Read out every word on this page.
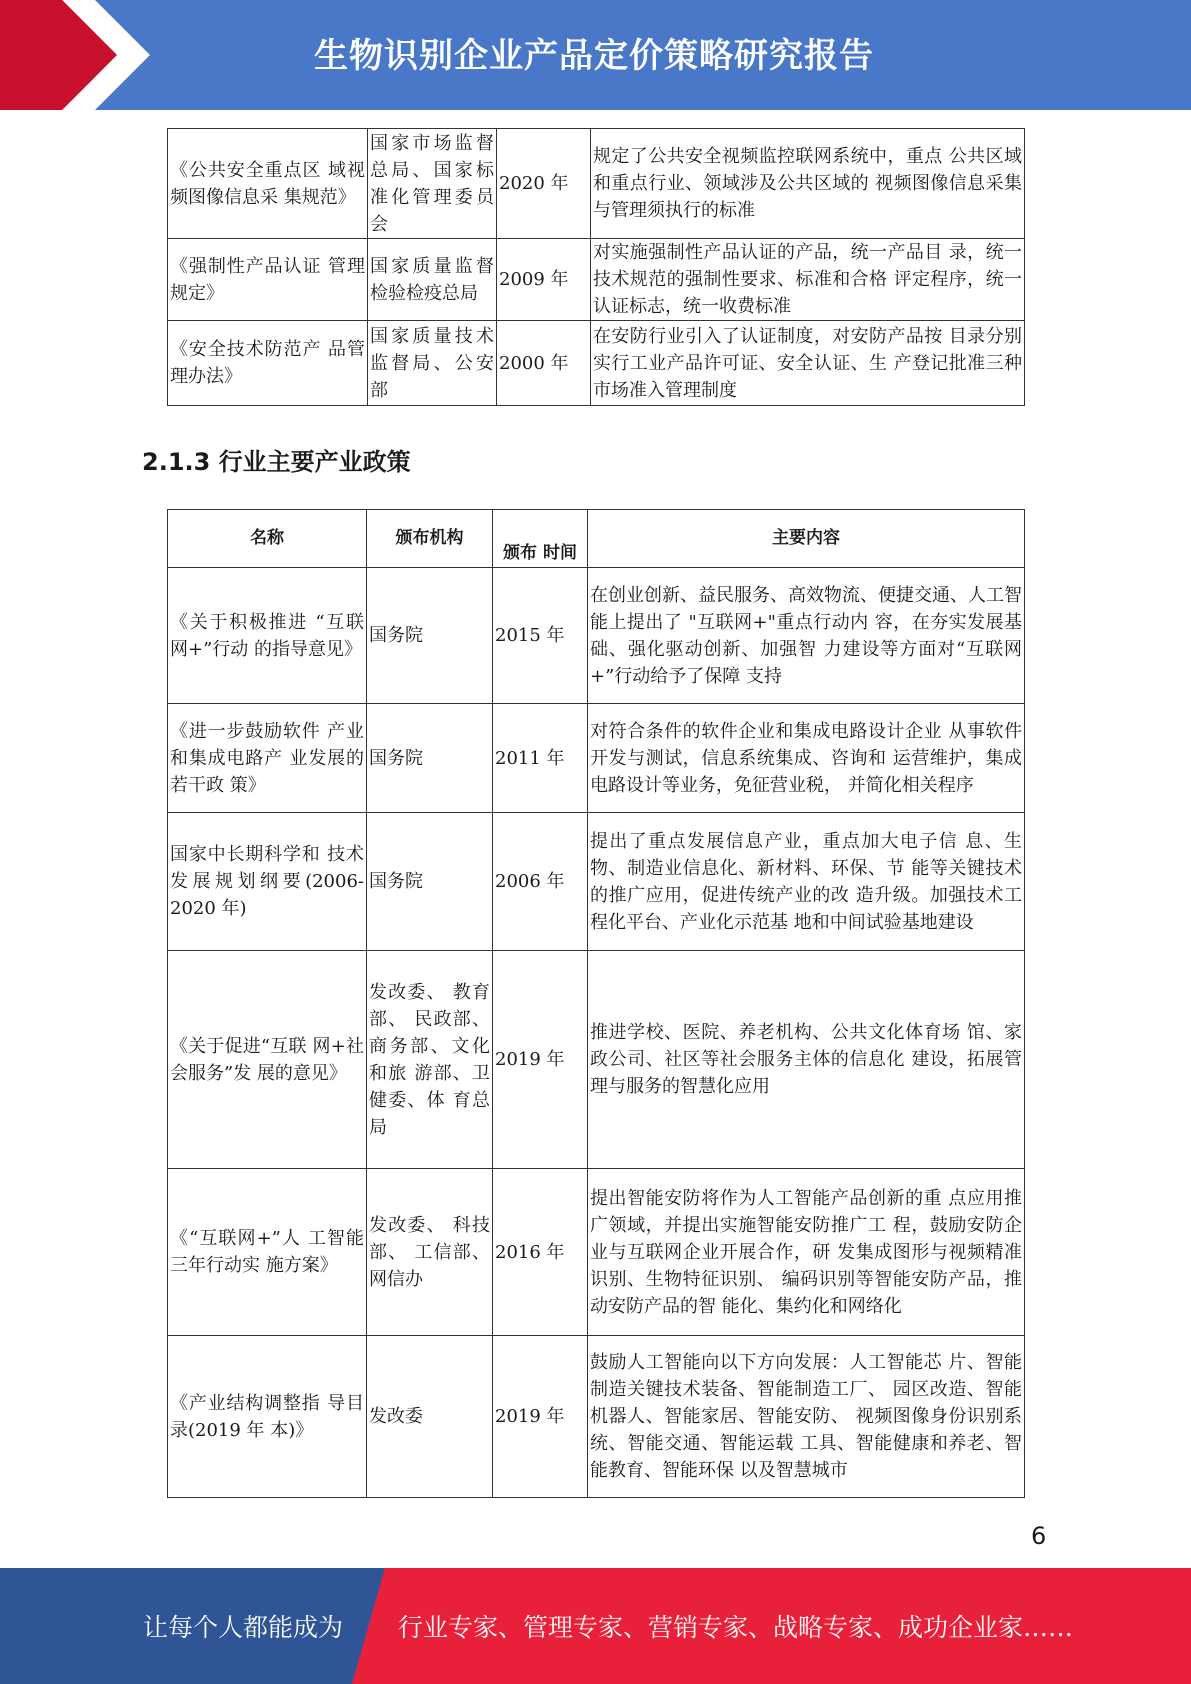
生物识别企业产品定价策略研究报告
《公共安全重点区 域视频图像信息采 集规范》	国家市场监督总局、国家标准化管理委员会	2020 年	规定了公共安全视频监控联网系统中，重点 公共区域和重点行业、领域涉及公共区域的 视频图像信息采集与管理须执行的标准
《强制性产品认证 管理规定》	国家质量监督检验检疫总局	2009 年	对实施强制性产品认证的产品，统一产品目 录，统一技术规范的强制性要求、标准和合格 评定程序，统一认证标志，统一收费标准
《安全技术防范产 品管理办法》	国家质量技术监督局、公安部	2000 年	在安防行业引入了认证制度，对安防产品按 目录分别实行工业产品许可证、安全认证、生 产登记批准三种市场准入管理制度
2.1.3 行业主要产业政策
名称	颁布机构	颁布 时间	主要内容
《关于积极推进 “互联网+”行动 的指导意见》	国务院	2015 年	在创业创新、益民服务、高效物流、便捷交通、人工智能上提出了 "互联网+"重点行动内 容，在夯实发展基础、强化驱动创新、加强智 力建设等方面对“互联网+”行动给予了保障 支持
《进一步鼓励软件 产业和集成电路产 业发展的若干政 策》	国务院	2011 年	对符合条件的软件企业和集成电路设计企业 从事软件开发与测试，信息系统集成、咨询和 运营维护，集成电路设计等业务，免征营业税， 并简化相关程序
国家中长期科学和 技术发展规划纲要(2006-2020 年)	国务院	2006 年	提出了重点发展信息产业，重点加大电子信 息、生物、制造业信息化、新材料、环保、节 能等关键技术的推广应用，促进传统产业的改 造升级。加强技术工程化平台、产业化示范基 地和中间试验基地建设
《关于促进“互联 网+社会服务”发 展的意见》	发改委、 教育部、 民政部、 商务部、文化和旅 游部、卫 健委、体 育总局	2019 年	推进学校、医院、养老机构、公共文化体育场 馆、家政公司、社区等社会服务主体的信息化 建设，拓展管理与服务的智慧化应用
《“互联网+”人 工智能三年行动实 施方案》	发改委、 科技部、 工信部、 网信办	2016 年	提出智能安防将作为人工智能产品创新的重 点应用推广领域，并提出实施智能安防推广工 程，鼓励安防企业与互联网企业开展合作，研 发集成图形与视频精准识别、生物特征识别、 编码识别等智能安防产品，推动安防产品的智 能化、集约化和网络化
《产业结构调整指 导目录(2019 年 本)》	发改委	2019 年	鼓励人工智能向以下方向发展：人工智能芯 片、智能制造关键技术装备、智能制造工厂、 园区改造、智能机器人、智能家居、智能安防、 视频图像身份识别系统、智能交通、智能运载 工具、智能健康和养老、智能教育、智能环保 以及智慧城市
6
让每个人都能成为 行业专家、管理专家、营销专家、战略专家、成功企业家……
